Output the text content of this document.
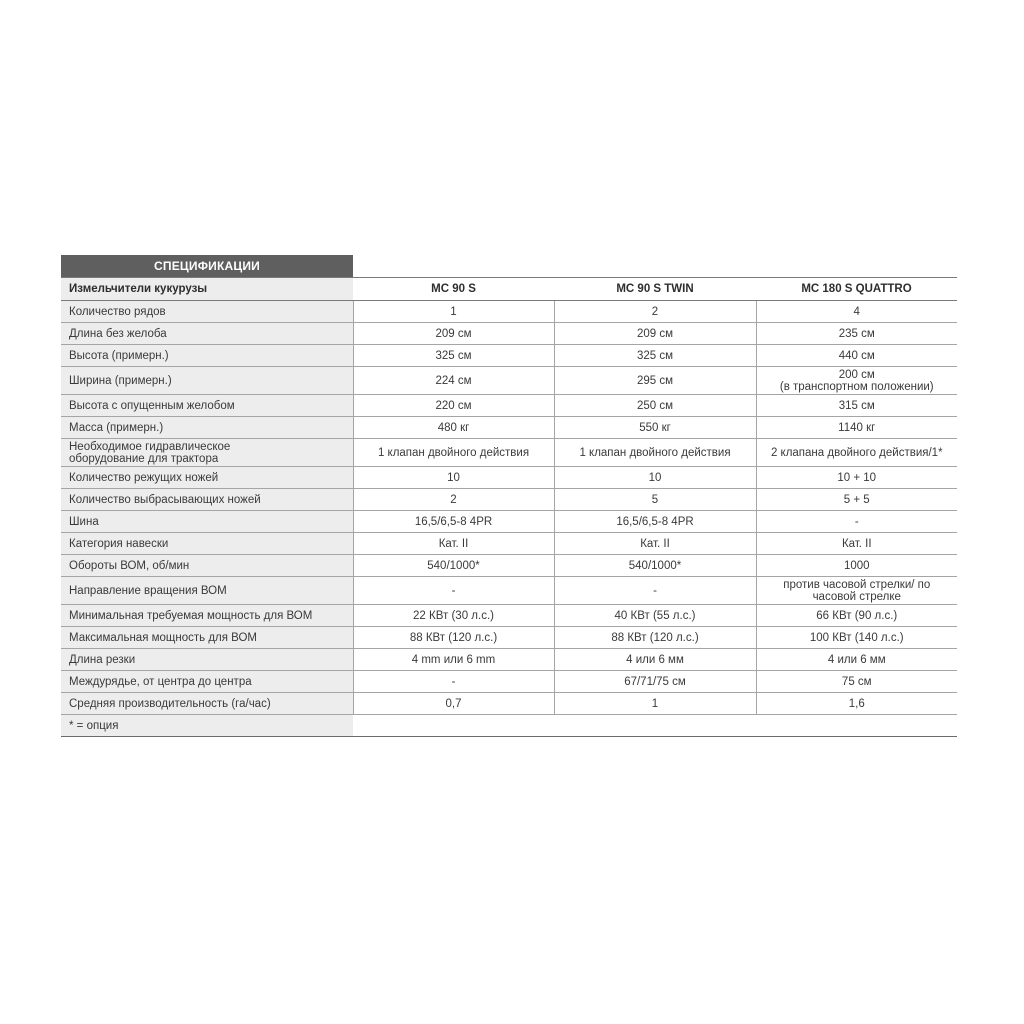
СПЕЦИФИКАЦИИ
Измельчители кукурузы	MC 90 S	MC 90 S TWIN	MC 180 S QUATTRO
Количество рядов	1	2	4
Длина без желоба	209 см	209 см	235 см
Высота (примерн.)	325 см	325 см	440 см
Ширина (примерн.)	224 см	295 см	200 см
(в транспортном положении)

Высота с опущенным желобом	220 см	250 см	315 см
Масса (примерн.)	480 кг	550 кг	1140 кг

Необходимое гидравлическое
оборудование для трактора	1 клапан двойного действия	1 клапан двойного действия	2 клапана двойного действия/1*
Количество режущих ножей	10	10	10 + 10
Количество выбрасывающих ножей	2	5	5 + 5
Шина	16,5/6,5-8 4PR	16,5/6,5-8 4PR	-
Категория навески	Кат. II	Кат. II	Кат. II
Обороты ВОМ, об/мин	540/1000*	540/1000*	1000
Направление вращения ВОМ	-	-	против часовой стрелки/ по
часовой стрелке

Минимальная требуемая мощность для ВОМ	22 КВт (30 л.с.)	40 КВт (55 л.с.)	66 КВт (90 л.с.)
Максимальная мощность для ВОМ	88 КВт (120 л.с.)	88 КВт (120 л.с.)	100 КВт (140 л.с.)
Длина резки	4 mm или 6 mm	4 или 6 мм	4 или 6 мм
Междурядье, от центра до центра	-	67/71/75 см	75 см
Средняя производительность (га/час)	0,7	1	1,6
* = опция			
